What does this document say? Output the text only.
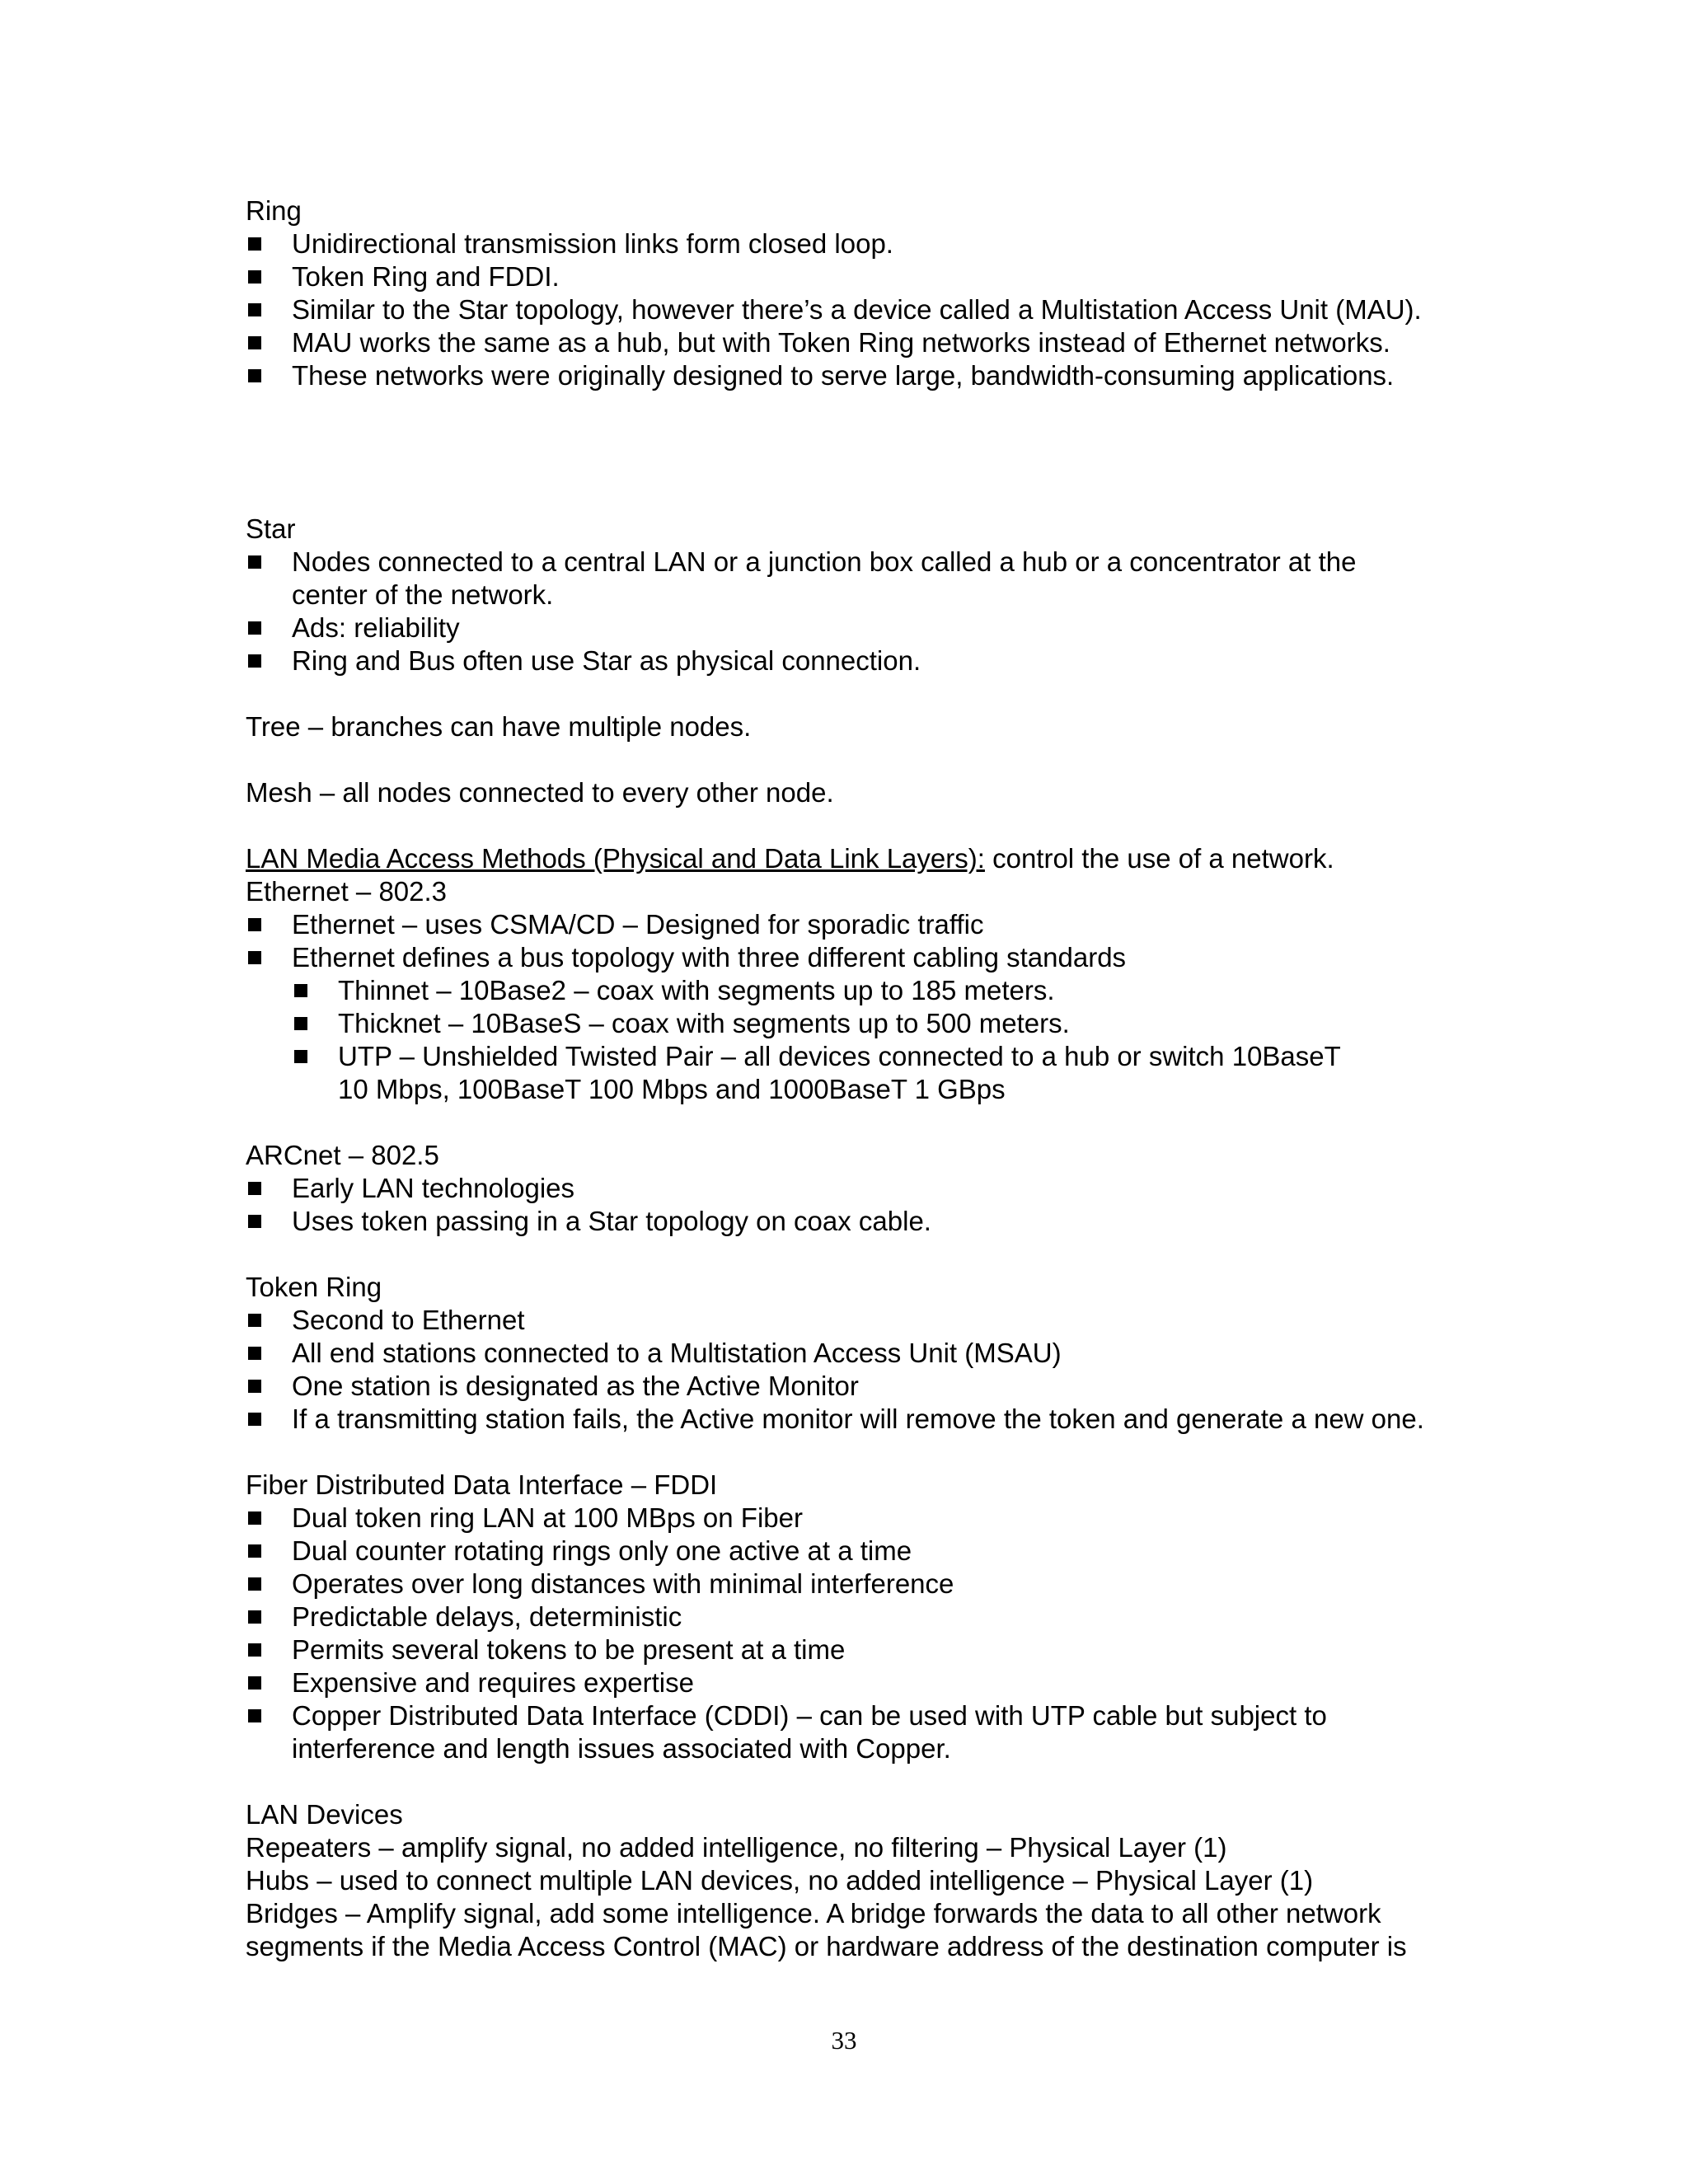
Ring

Unidirectional transmission links form closed loop.
Token Ring and FDDI.
Similar to the Star topology, however there’s a device called a Multistation Access Unit (MAU).
MAU works the same as a hub, but with Token Ring networks instead of Ethernet networks.
These networks were originally designed to serve large, bandwidth-consuming applications.

Star

Nodes connected to a central LAN or a junction box called a hub or a concentrator at the center of the network.
Ads: reliability
Ring and Bus often use Star as physical connection.

Tree – branches can have multiple nodes.

Mesh – all nodes connected to every other node.

LAN Media Access Methods (Physical and Data Link Layers): control the use of a network.

Ethernet – 802.3

Ethernet – uses CSMA/CD – Designed for sporadic traffic
Ethernet defines a bus topology with three different cabling standards
Thinnet – 10Base2 – coax with segments up to 185 meters.
Thicknet – 10BaseS – coax with segments up to 500 meters.
UTP – Unshielded Twisted Pair – all devices connected to a hub or switch 10BaseT 10 Mbps, 100BaseT 100 Mbps and 1000BaseT 1 GBps

ARCnet – 802.5

Early LAN technologies
Uses token passing in a Star topology on coax cable.

Token Ring

Second to Ethernet
All end stations connected to a Multistation Access Unit (MSAU)
One station is designated as the Active Monitor
If a transmitting station fails, the Active monitor will remove the token and generate a new one.

Fiber Distributed Data Interface – FDDI

Dual token ring LAN at 100 MBps on Fiber
Dual counter rotating rings only one active at a time
Operates over long distances with minimal interference
Predictable delays, deterministic
Permits several tokens to be present at a time
Expensive and requires expertise
Copper Distributed Data Interface (CDDI) – can be used with UTP cable but subject to interference and length issues associated with Copper.

LAN Devices

Repeaters – amplify signal, no added intelligence, no filtering – Physical Layer (1)

Hubs – used to connect multiple LAN devices, no added intelligence – Physical Layer (1)

Bridges – Amplify signal, add some intelligence. A bridge forwards the data to all other network

segments if the Media Access Control (MAC) or hardware address of the destination computer is

33
